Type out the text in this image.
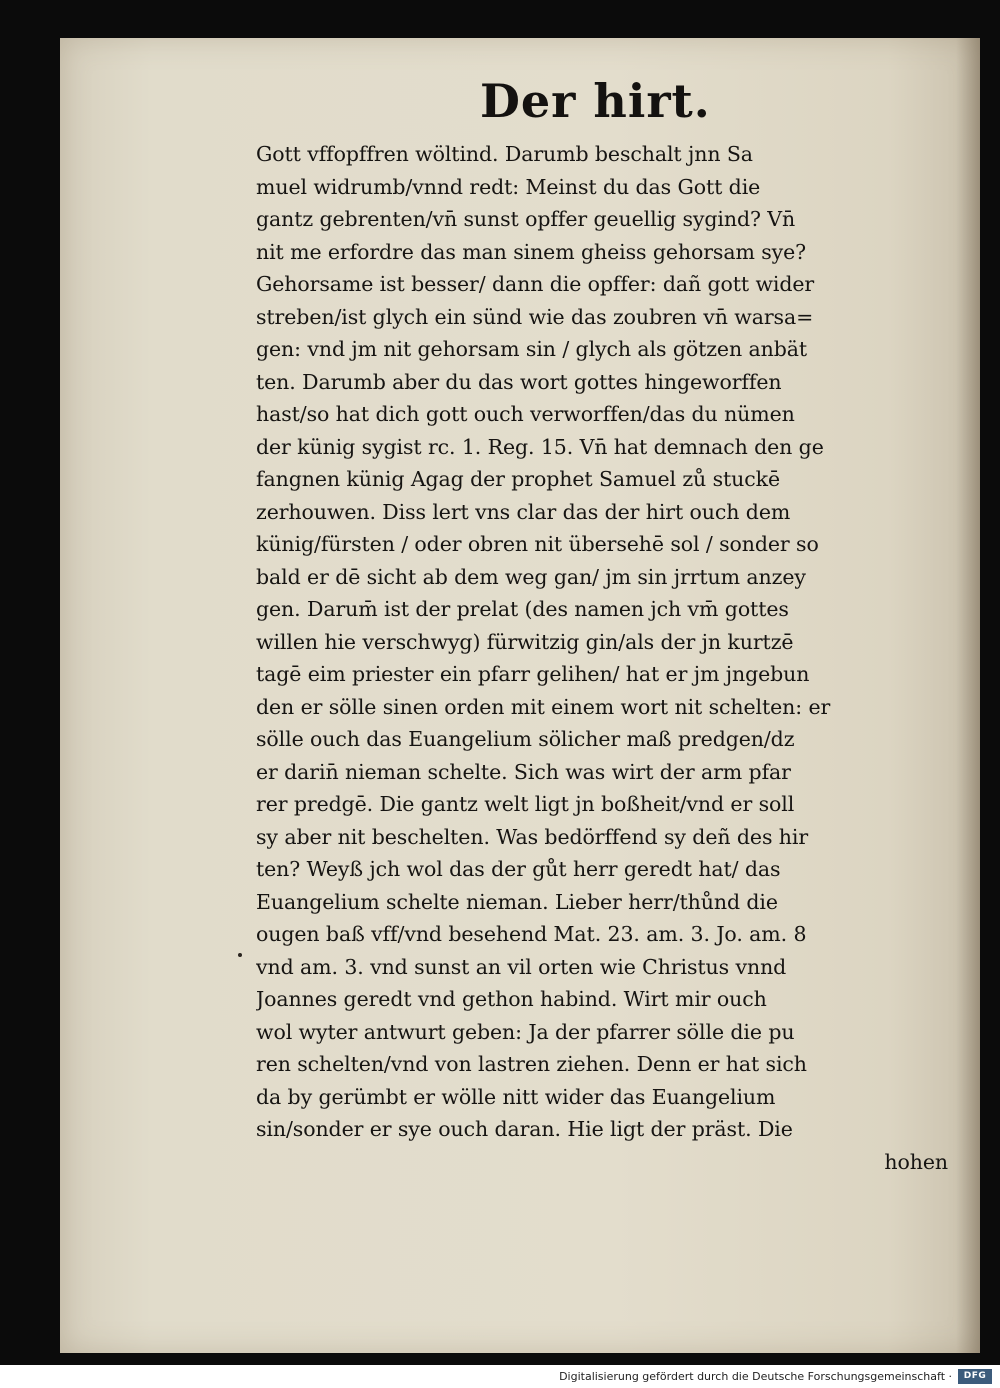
Der hirt.
Gott vffopffren wöltind. Darumb beschalt jnn Sa
muel widrumb/vnnd redt: Meinst du das Gott die
gantz gebrenten/vn̄ sunst opffer geuellig sygind? Vn̄
nit me erfordre das man sinem gheiss gehorsam sye?
Gehorsame ist besser/ dann die opffer: dañ gott wider
streben/ist glych ein sünd wie das zoubren vn̄ warsa=
gen: vnd jm nit gehorsam sin / glych als götzen anbät
ten. Darumb aber du das wort gottes hingeworffen
hast/so hat dich gott ouch verworffen/das du nümen
der künig sygist rc. 1. Reg. 15. Vn̄ hat demnach den ge
fangnen künig Agag der prophet Samuel zů stuckē
zerhouwen. Diss lert vns clar das der hirt ouch dem
künig/fürsten / oder obren nit übersehē sol / sonder so
bald er dē sicht ab dem weg gan/ jm sin jrrtum anzey
gen. Darum̄ ist der prelat (des namen jch vm̄ gottes
willen hie verschwyg) fürwitzig gin/als der jn kurtzē
tagē eim priester ein pfarr gelihen/ hat er jm jngebun
den er sölle sinen orden mit einem wort nit schelten: er
sölle ouch das Euangelium sölicher maß predgen/dz
er darin̄ nieman schelte. Sich was wirt der arm pfar
rer predgē. Die gantz welt ligt jn boßheit/vnd er soll
sy aber nit beschelten. Was bedörffend sy deñ des hir
ten? Weyß jch wol das der gůt herr geredt hat/ das
Euangelium schelte nieman. Lieber herr/thůnd die
ougen baß vff/vnd besehend Mat. 23. am. 3. Jo. am. 8
vnd am. 3. vnd sunst an vil orten wie Christus vnnd
Joannes geredt vnd gethon habind. Wirt mir ouch
wol wyter antwurt geben: Ja der pfarrer sölle die pu
ren schelten/vnd von lastren ziehen. Denn er hat sich
da by gerümbt er wölle nitt wider das Euangelium
sin/sonder er sye ouch daran. Hie ligt der präst. Die
hohen
Digitalisierung gefördert durch die Deutsche Forschungsgemeinschaft ·	DFG
